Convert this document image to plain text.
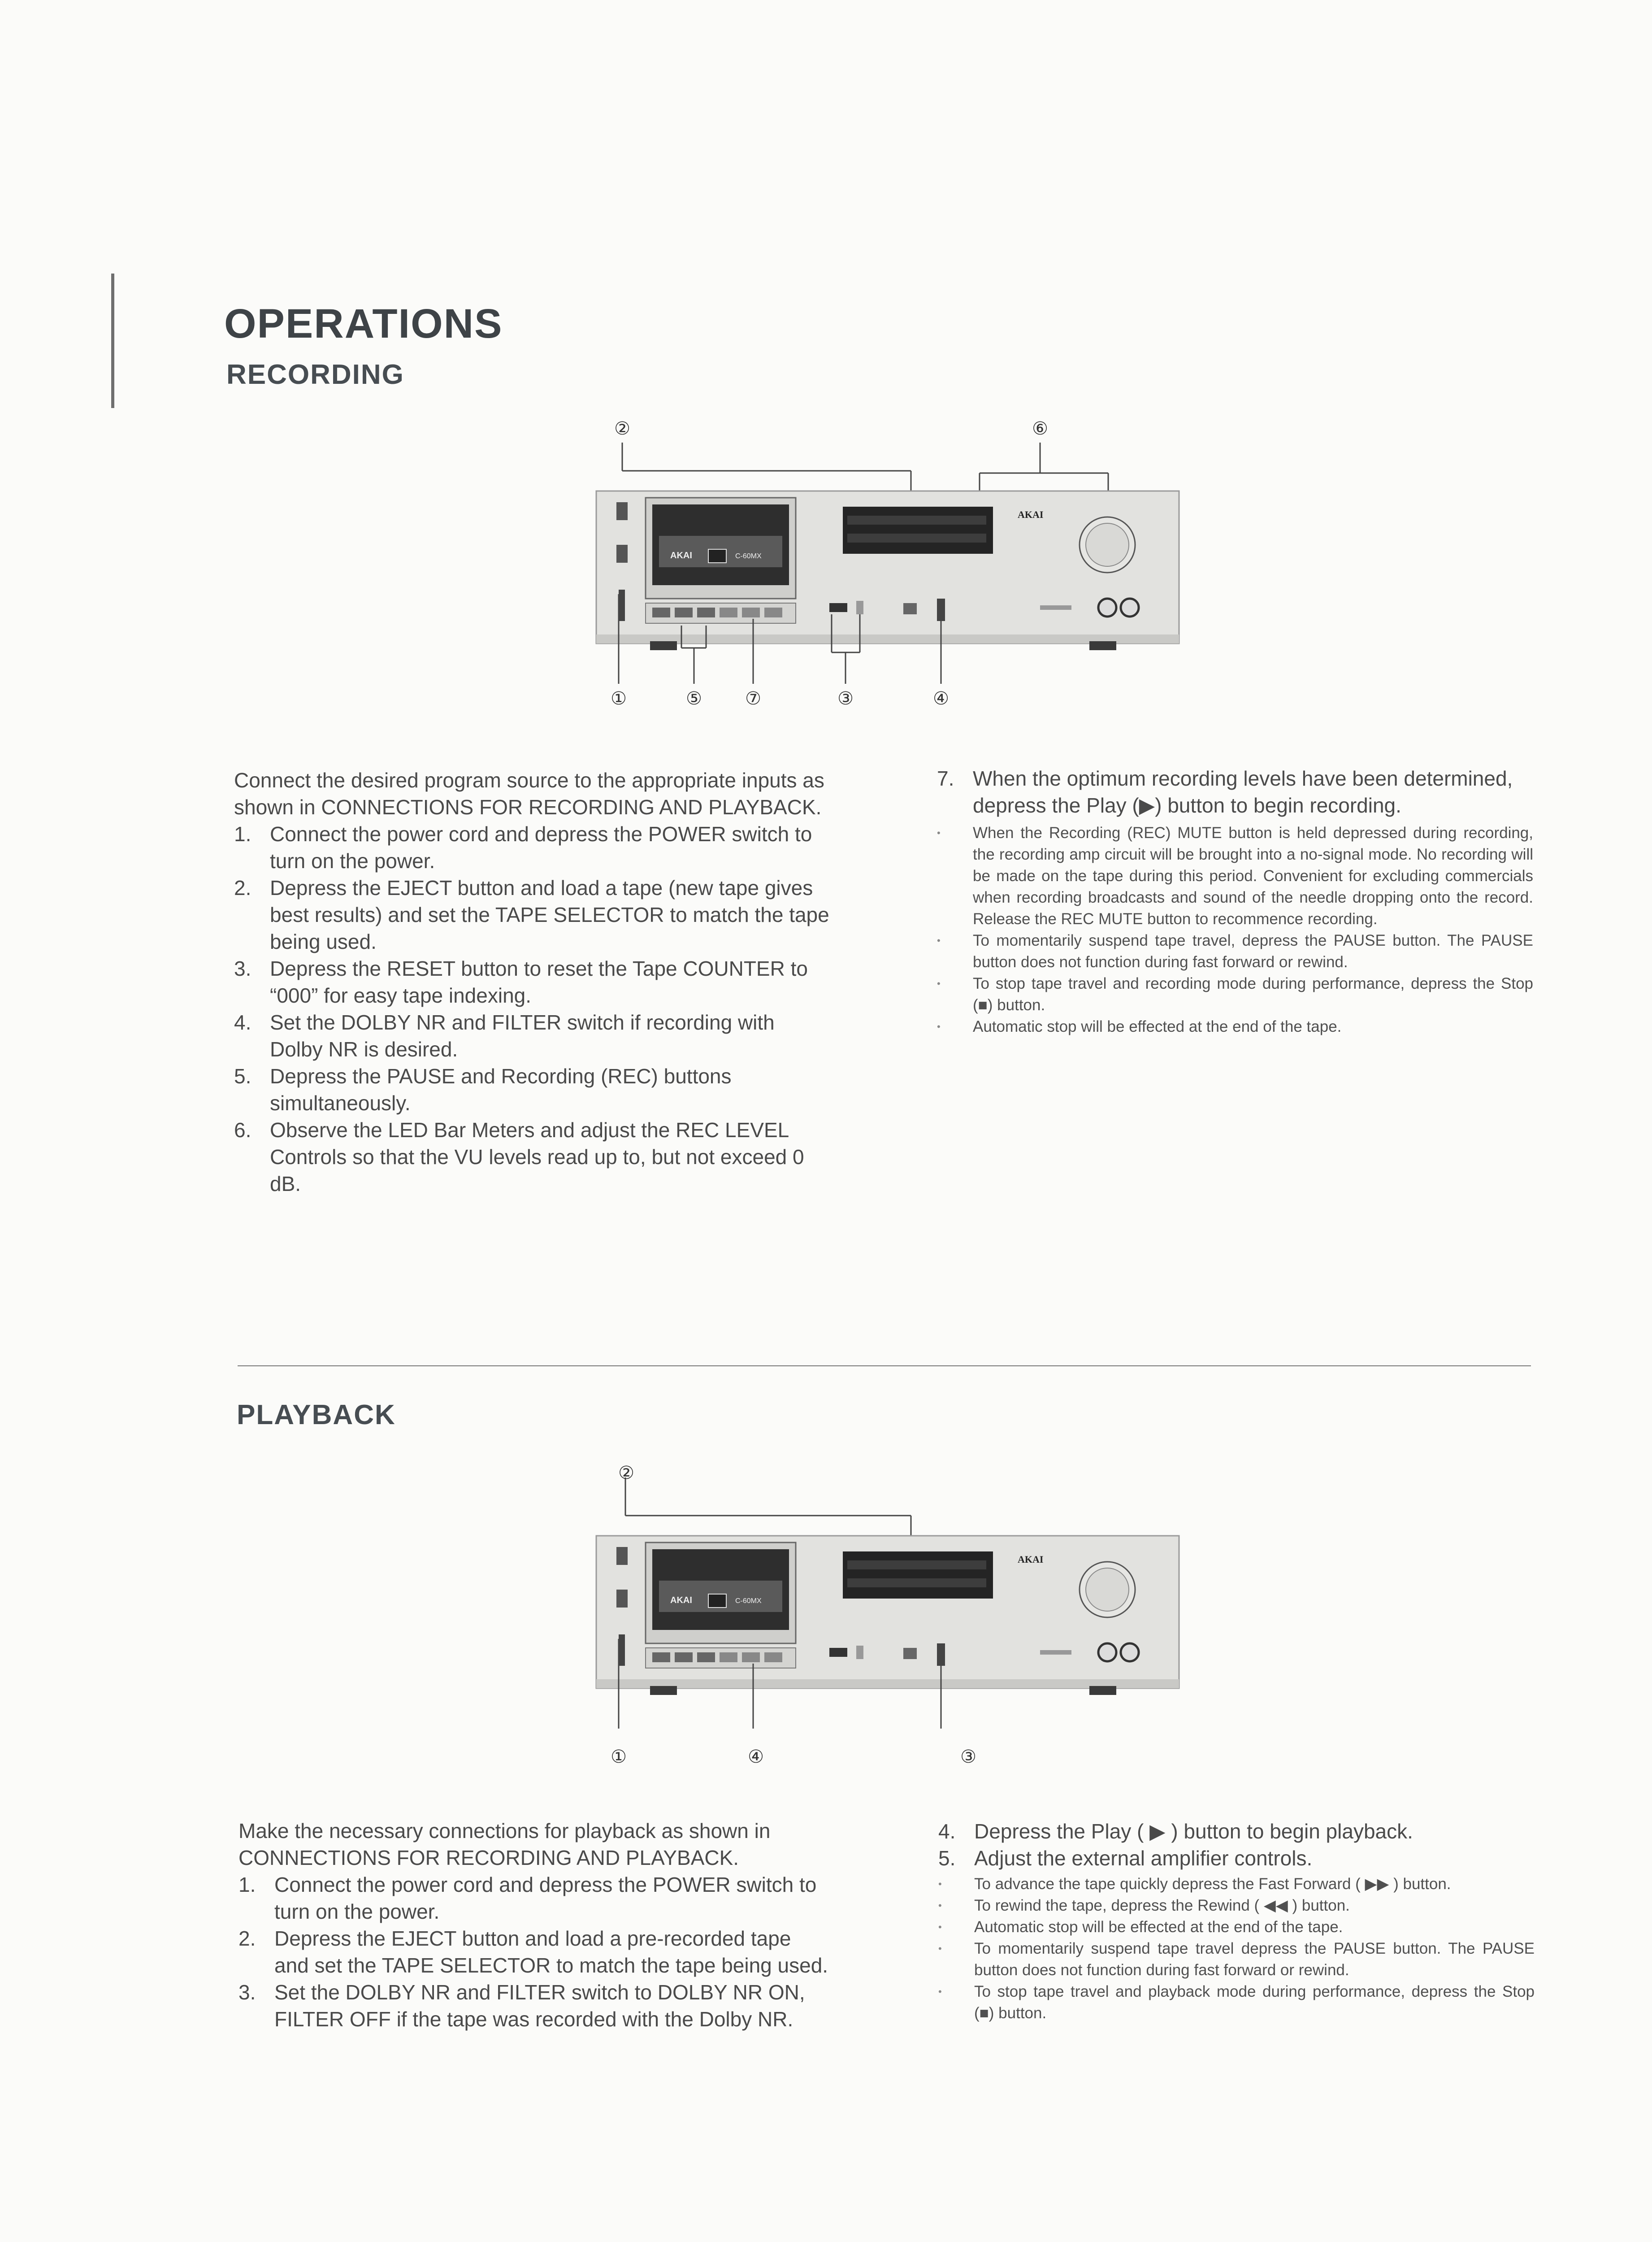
OPERATIONS
RECORDING
AKAI	C-60MX
AKAI
②	⑥
①	⑤	⑦	③	④

Connect the desired program source to the appropriate inputs as shown in CONNECTIONS FOR RECORDING AND PLAYBACK.

1. Connect the power cord and depress the POWER switch to turn on the power.
2. Depress the EJECT button and load a tape (new tape gives best results) and set the TAPE SELECTOR to match the tape being used.
3. Depress the RESET button to reset the Tape COUNTER to “000” for easy tape indexing.
4. Set the DOLBY NR and FILTER switch if recording with Dolby NR is desired.
5. Depress the PAUSE and Recording (REC) buttons simultaneously.
6. Observe the LED Bar Meters and adjust the REC LEVEL Controls so that the VU levels read up to, but not exceed 0 dB.
7. When the optimum recording levels have been determined, depress the Play (▶) button to begin recording.
• When the Recording (REC) MUTE button is held depressed during recording, the recording amp circuit will be brought into a no-signal mode. No recording will be made on the tape during this period. Convenient for excluding commercials when recording broadcasts and sound of the needle dropping onto the record. Release the REC MUTE button to recommence recording.
• To momentarily suspend tape travel, depress the PAUSE button. The PAUSE button does not function during fast forward or rewind.
• To stop tape travel and recording mode during performance, depress the Stop (■) button.
• Automatic stop will be effected at the end of the tape.
PLAYBACK
AKAI	C-60MX
AKAI
②
①	④	③

Make the necessary connections for playback as shown in CONNECTIONS FOR RECORDING AND PLAYBACK.

1. Connect the power cord and depress the POWER switch to turn on the power.
2. Depress the EJECT button and load a pre-recorded tape and set the TAPE SELECTOR to match the tape being used.
3. Set the DOLBY NR and FILTER switch to DOLBY NR ON, FILTER OFF if the tape was recorded with the Dolby NR.
4. Depress the Play ( ▶ ) button to begin playback.
5. Adjust the external amplifier controls.
• To advance the tape quickly depress the Fast Forward ( ▶▶ ) button.
• To rewind the tape, depress the Rewind ( ◀◀ ) button.
• Automatic stop will be effected at the end of the tape.
• To momentarily suspend tape travel depress the PAUSE button. The PAUSE button does not function during fast forward or rewind.
• To stop tape travel and playback mode during performance, depress the Stop (■) button.
